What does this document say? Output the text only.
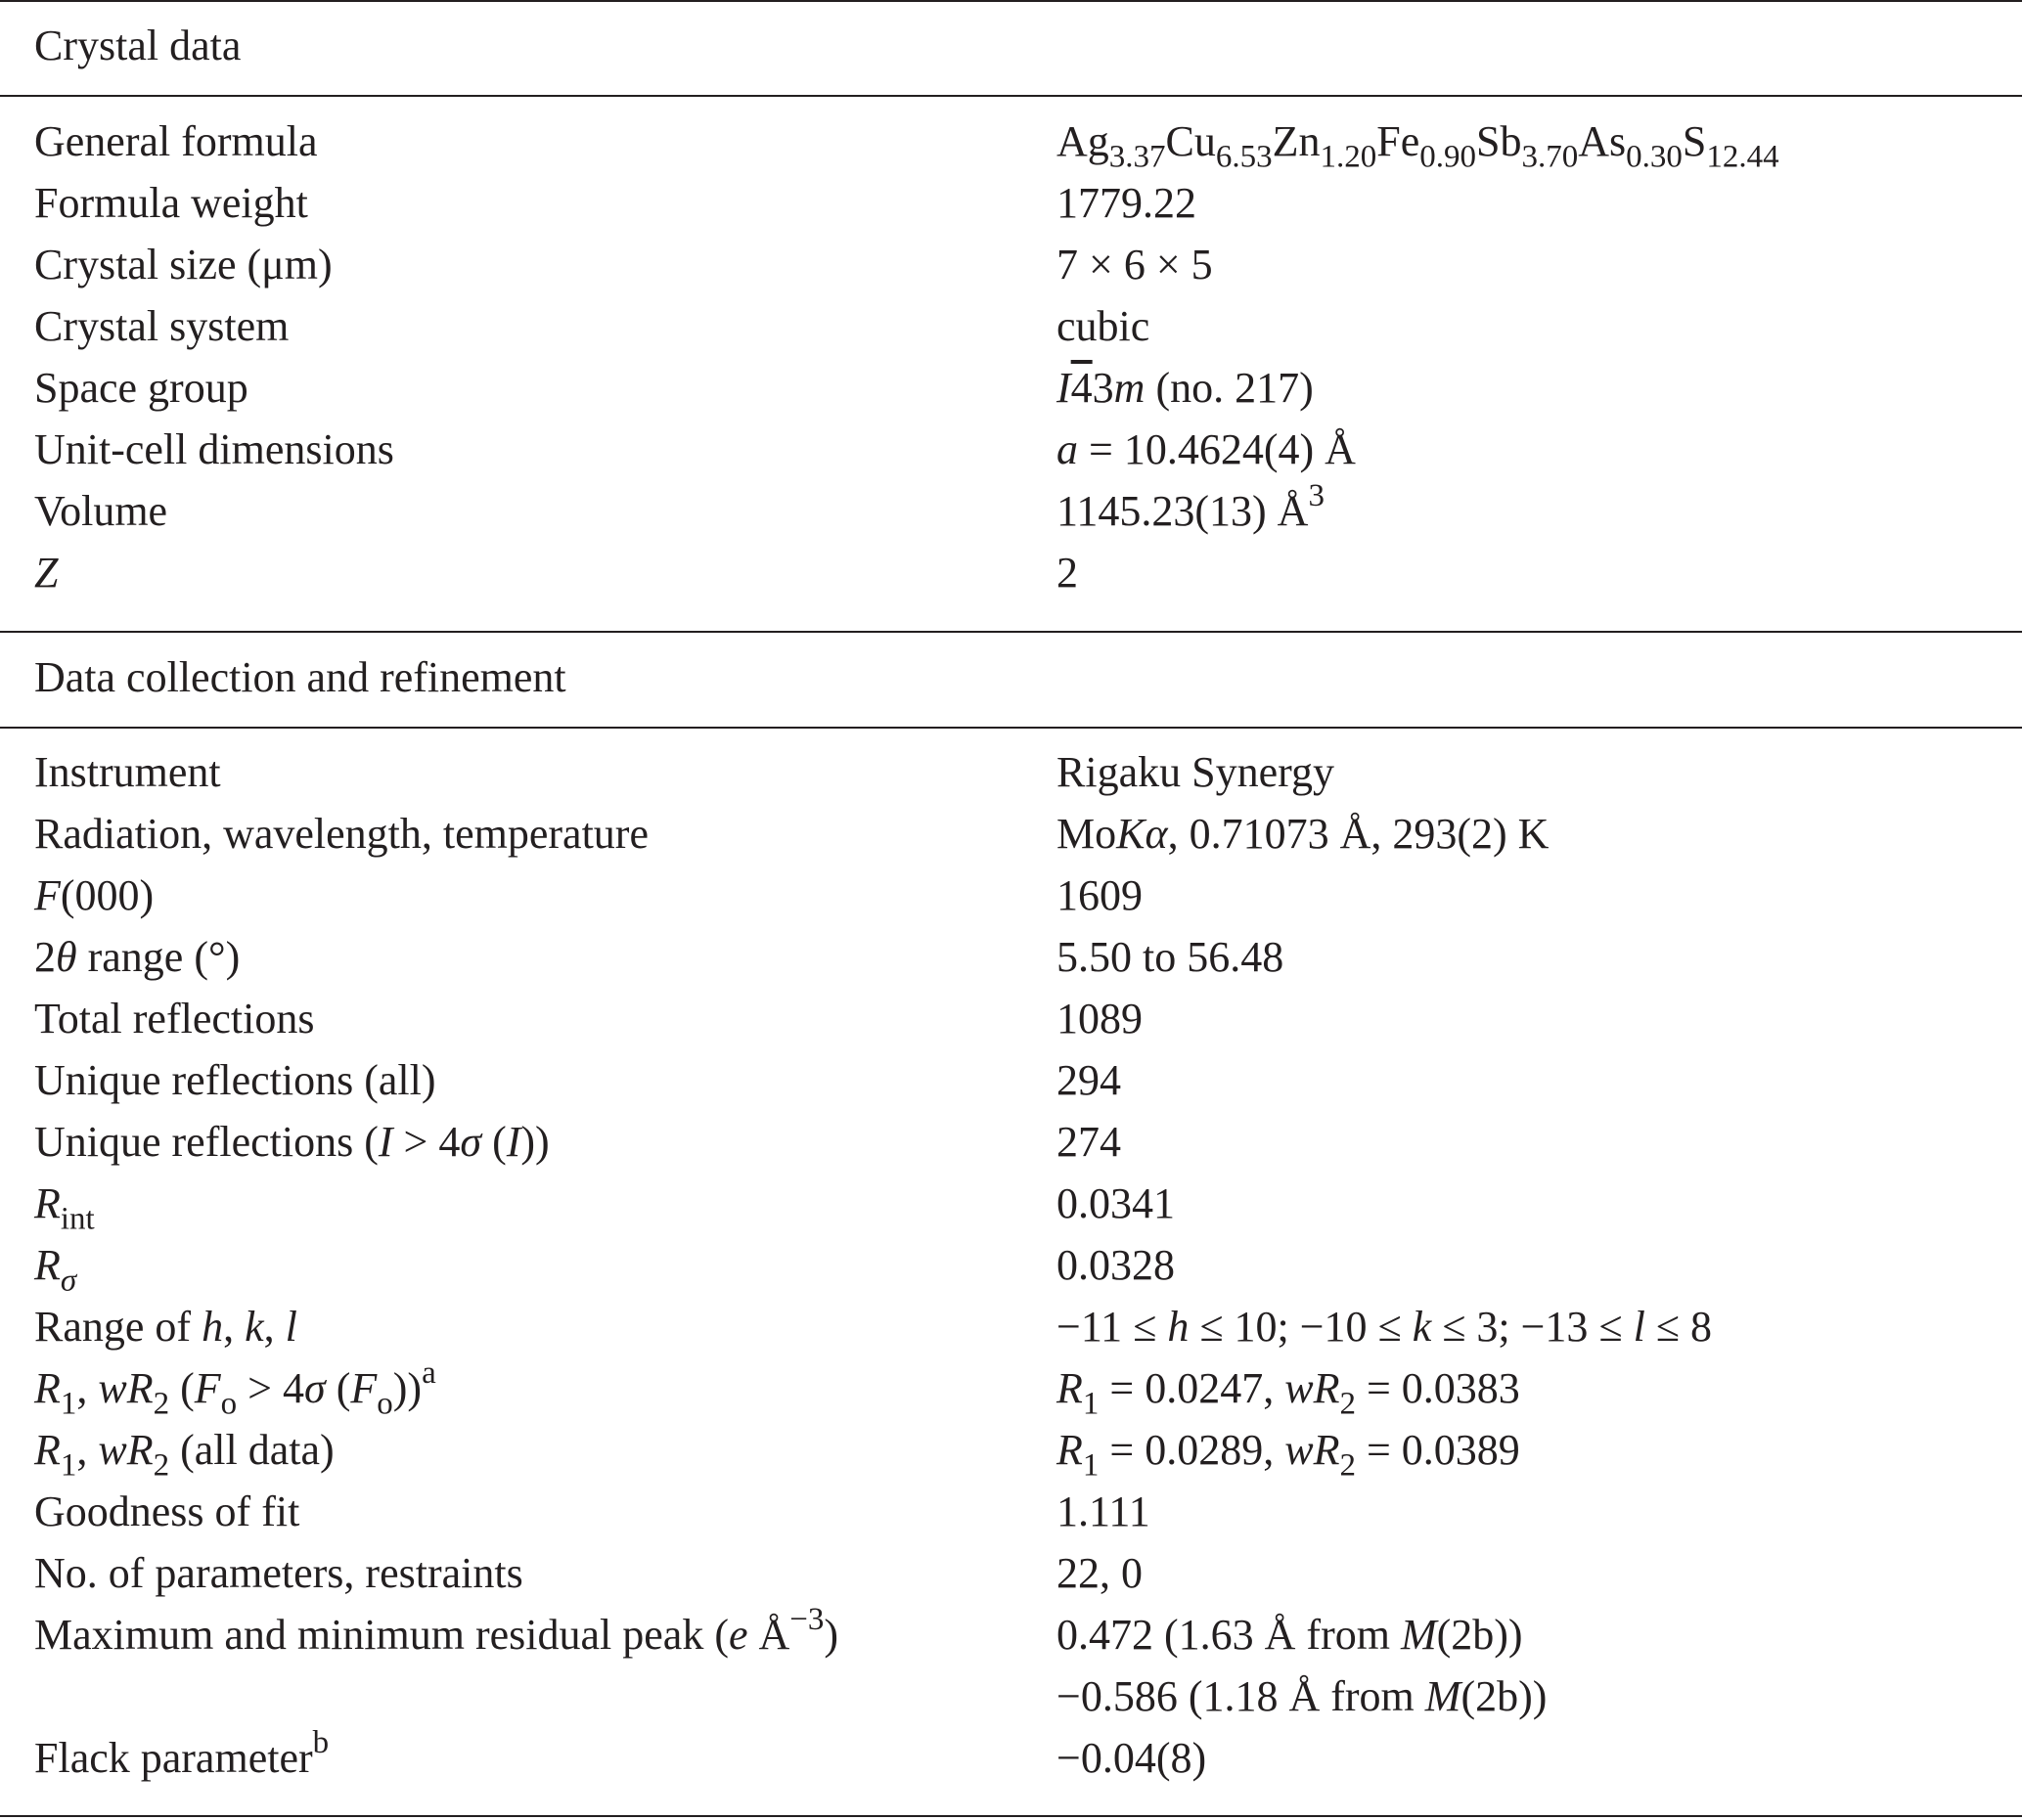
Crystal data
General formula	$Ag_{3.37}Cu_{6.53}Zn_{1.20}Fe_{0.90}Sb_{3.70}As_{0.30}S_{12.44}$
Formula weight	1779.22
Crystal size (μm)	7 × 6 × 5
Crystal system	cubic
Space group	I43m (no. 217)
Unit-cell dimensions	a = 10.4624(4) Å
Volume	1145.23(13) $Å^3$
Z	2
Data collection and refinement
Instrument	Rigaku Synergy
Radiation, wavelength, temperature	MoKα, 0.71073 Å, 293(2) K
F(000)	1609
2θ range (°)	5.50 to 56.48
Total reflections	1089
Unique reflections (all)	294
Unique reflections (I > 4σ (I))	274
$R_{int}$	0.0341
$R_\sigma$	0.0328
Range of h, k, l	−11 ≤ h ≤ 10; −10 ≤ k ≤ 3; −13 ≤ l ≤ 8
$R_1$, $wR_2$ ($F_o > 4\sigma$ $(F_o))^a$	$R_1 = 0.0247$, $wR_2 = 0.0383$
$R_1$, $wR_2$ (all data)	$R_1 = 0.0289$, $wR_2 = 0.0389$
Goodness of fit	1.111
No. of parameters, restraints	22, 0
Maximum and minimum residual peak (e $Å^{-3}$)	0.472 (1.63 Å from M(2b))
−0.586 (1.18 Å from M(2b))
Flack parameter$^b$	−0.04(8)
